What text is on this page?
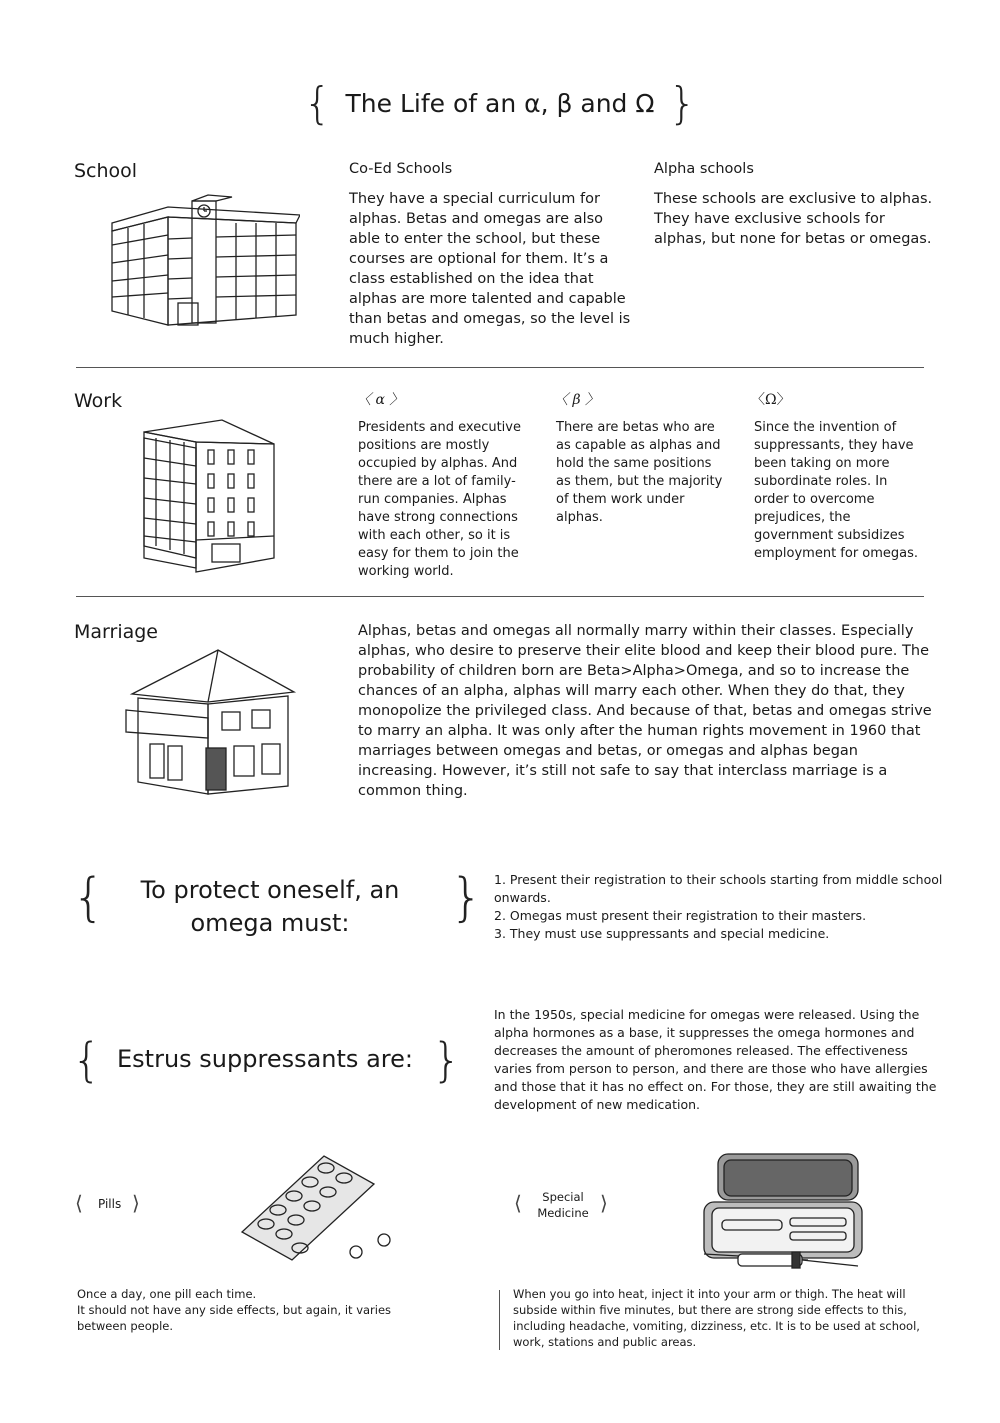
{ The Life of an α, β and Ω }
School	Co-Ed Schools
They have a special curriculum for alphas. Betas and omegas are also able to enter the school, but these courses are optional for them. It’s a class established on the idea that alphas are more talented and capable than betas and omegas, so the level is much higher.
Alpha schools
These schools are exclusive to alphas. They have exclusive schools for alphas, but none for betas or omegas.
Work	〈 α 〉
Presidents and executive positions are mostly occupied by alphas. And there are a lot of family-run companies. Alphas have strong connections with each other, so it is easy for them to join the working world.
〈 β 〉
There are betas who are as capable as alphas and hold the same positions as them, but the majority of them work under alphas.
〈Ω〉
Since the invention of suppressants, they have been taking on more subordinate roles. In order to overcome prejudices, the government subsidizes employment for omegas.
Marriage	Alphas, betas and omegas all normally marry within their classes. Especially alphas, who desire to preserve their elite blood and keep their blood pure. The probability of children born are Beta>Alpha>Omega, and so to increase the chances of an alpha, alphas will marry each other. When they do that, they monopolize the privileged class. And because of that, betas and omegas strive to marry an alpha. It was only after the human rights movement in 1960 that marriages between omegas and betas, or omegas and alphas began increasing. However, it’s still not safe to say that interclass marriage is a common thing.
{	To protect oneself, an
omega must:	} 1. Present their registration to their schools starting from middle school onwards.
2. Omegas must present their registration to their masters.
3. They must use suppressants and special medicine.
{ Estrus suppressants are: }
In the 1950s, special medicine for omegas were released. Using the alpha hormones as a base, it suppresses the omega hormones and decreases the amount of pheromones released. The effectiveness varies from person to person, and there are those who have allergies and those that it has no effect on. For those, they are still awaiting the development of new medication.
⟨ Pills ⟩
Once a day, one pill each time.
It should not have any side effects, but again, it varies between people.
⟨	Special
Medicine ⟩
When you go into heat, inject it into your arm or thigh. The heat will subside within five minutes, but there are strong side effects to this, including headache, vomiting, dizziness, etc. It is to be used at school, work, stations and public areas.
